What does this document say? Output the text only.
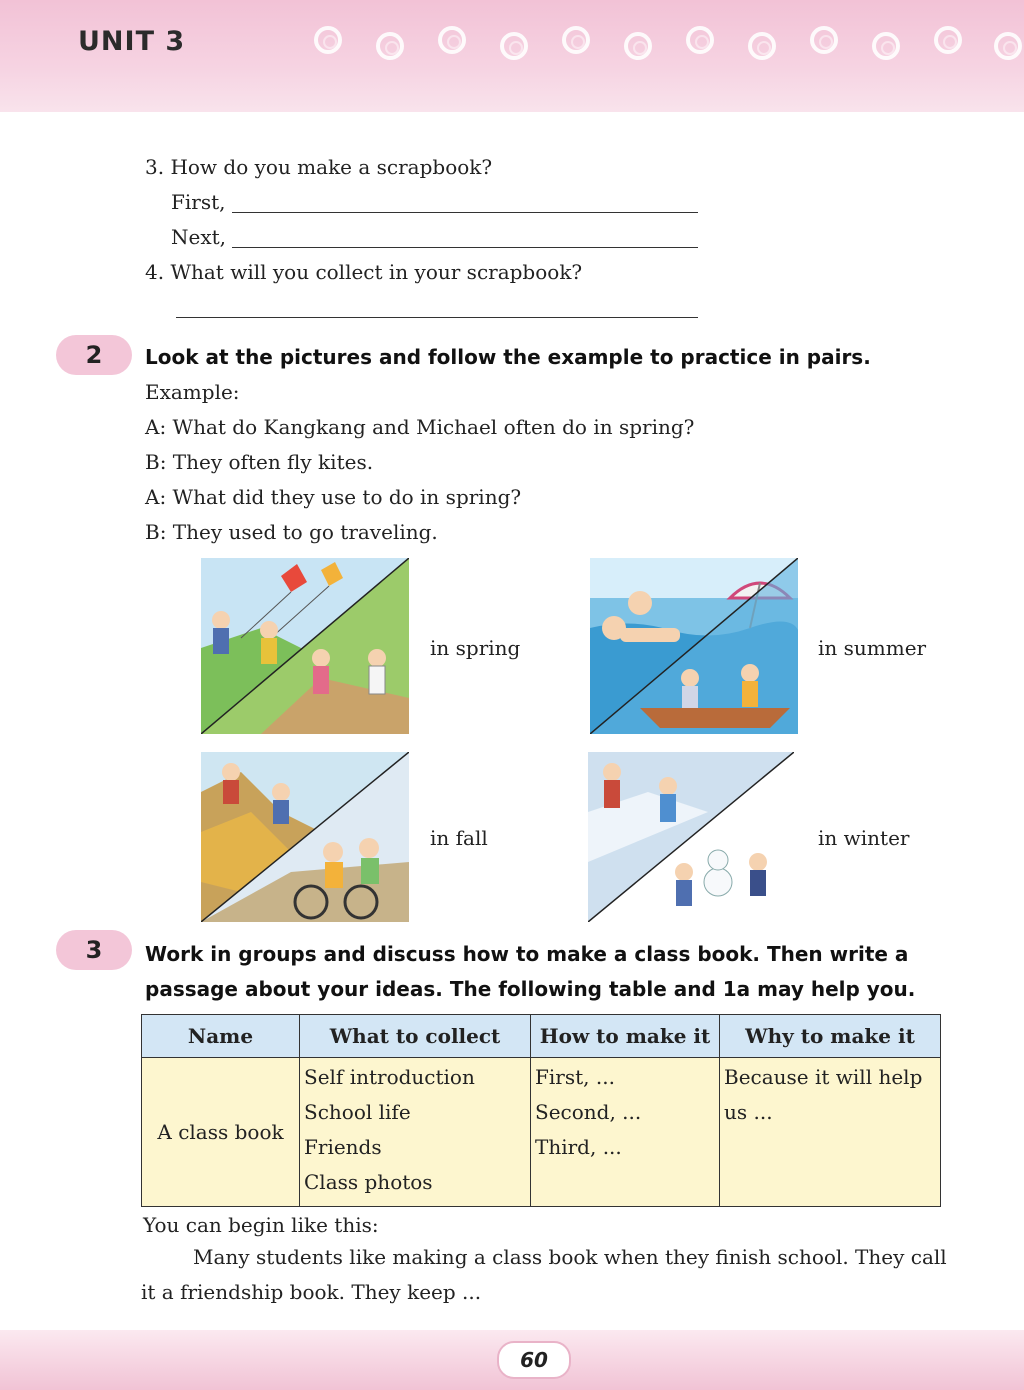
UNIT 3
3. How do you make a scrapbook?
First,
Next,
4. What will you collect in your scrapbook?
2	Look at the pictures and follow the example to practice in pairs.
Example:
A: What do Kangkang and Michael often do in spring?
B: They often fly kites.
A: What did they use to do in spring?
B: They used to go traveling.
in spring	in summer
in fall	in winter
3	Work in groups and discuss how to make a class book. Then write a
passage about your ideas. The following table and 1a may help you.
Name	What to collect	How to make it	Why to make it
A class book	Self introduction
School life
Friends
Class photos	First, ...
Second, ...
Third, ...	Because it will help
us ...
You can begin like this:
Many students like making a class book when they finish school. They call
it a friendship book. They keep ...
60
